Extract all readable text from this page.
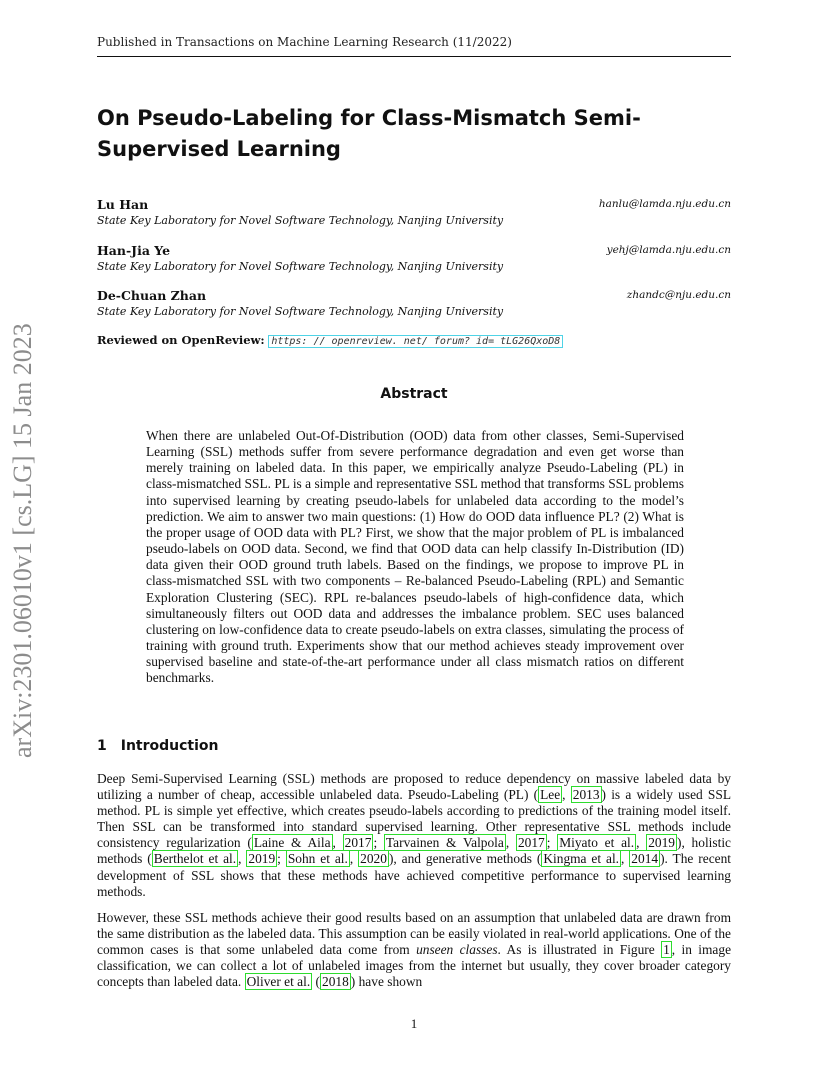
Published in Transactions on Machine Learning Research (11/2022)
arXiv:2301.06010v1 [cs.LG] 15 Jan 2023
On Pseudo-Labeling for Class-Mismatch Semi-Supervised Learning
Lu Han
State Key Laboratory for Novel Software Technology, Nanjing University
hanlu@lamda.nju.edu.cn
Han-Jia Ye
State Key Laboratory for Novel Software Technology, Nanjing University
yehj@lamda.nju.edu.cn
De-Chuan Zhan
State Key Laboratory for Novel Software Technology, Nanjing University
zhandc@nju.edu.cn
Reviewed on OpenReview: https: // openreview. net/ forum? id= tLG26QxoD8
Abstract
When there are unlabeled Out-Of-Distribution (OOD) data from other classes, Semi-Supervised Learning (SSL) methods suffer from severe performance degradation and even get worse than merely training on labeled data. In this paper, we empirically analyze Pseudo-Labeling (PL) in class-mismatched SSL. PL is a simple and representative SSL method that transforms SSL problems into supervised learning by creating pseudo-labels for unlabeled data according to the model’s prediction. We aim to answer two main questions: (1) How do OOD data influence PL? (2) What is the proper usage of OOD data with PL? First, we show that the major problem of PL is imbalanced pseudo-labels on OOD data. Second, we find that OOD data can help classify In-Distribution (ID) data given their OOD ground truth labels. Based on the findings, we propose to improve PL in class-mismatched SSL with two components – Re-balanced Pseudo-Labeling (RPL) and Semantic Exploration Clustering (SEC). RPL re-balances pseudo-labels of high-confidence data, which simultaneously filters out OOD data and addresses the imbalance problem. SEC uses balanced clustering on low-confidence data to create pseudo-labels on extra classes, simulating the process of training with ground truth. Experiments show that our method achieves steady improvement over supervised baseline and state-of-the-art performance under all class mismatch ratios on different benchmarks.
1 Introduction
Deep Semi-Supervised Learning (SSL) methods are proposed to reduce dependency on massive labeled data by utilizing a number of cheap, accessible unlabeled data. Pseudo-Labeling (PL) ( Lee , 2013 ) is a widely used SSL method. PL is simple yet effective, which creates pseudo-labels according to predictions of the training model itself. Then SSL can be transformed into standard supervised learning. Other representative SSL methods include consistency regularization ( Laine & Aila , 2017 ; Tarvainen & Valpola , 2017 ; Miyato et al. , 2019 ), holistic methods ( Berthelot et al. , 2019 ; Sohn et al. , 2020 ), and generative methods ( Kingma et al. , 2014 ). The recent development of SSL shows that these methods have achieved competitive performance to supervised learning methods.
However, these SSL methods achieve their good results based on an assumption that unlabeled data are drawn from the same distribution as the labeled data. This assumption can be easily violated in real-world applications. One of the common cases is that some unlabeled data come from unseen classes. As is illustrated in Figure 1 , in image classification, we can collect a lot of unlabeled images from the internet but usually, they cover broader category concepts than labeled data. Oliver et al. ( 2018 ) have shown
1
